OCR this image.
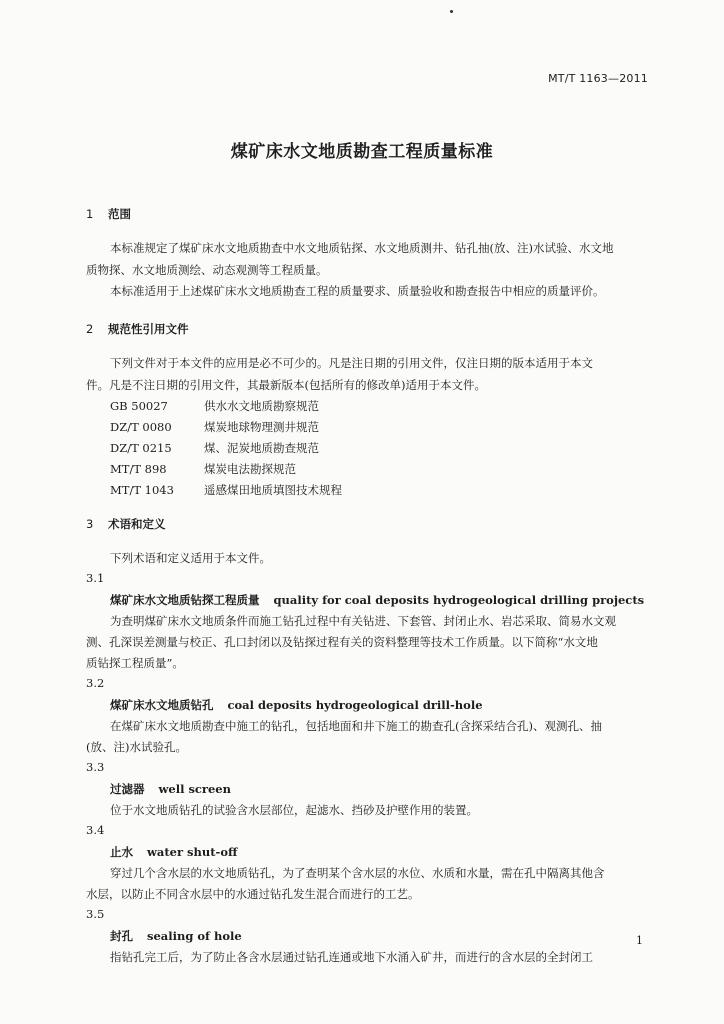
MT/T 1163—2011
煤矿床水文地质勘查工程质量标准
1 范围
本标准规定了煤矿床水文地质勘查中水文地质钻探、水文地质测井、钻孔抽(放、注)水试验、水文地
质物探、水文地质测绘、动态观测等工程质量。
本标准适用于上述煤矿床水文地质勘查工程的质量要求、质量验收和勘查报告中相应的质量评价。
2 规范性引用文件
下列文件对于本文件的应用是必不可少的。凡是注日期的引用文件，仅注日期的版本适用于本文
件。凡是不注日期的引用文件，其最新版本(包括所有的修改单)适用于本文件。
GB 50027	供水水文地质勘察规范
DZ/T 0080	煤炭地球物理测井规范
DZ/T 0215	煤、泥炭地质勘查规范
MT/T 898	煤炭电法勘探规范
MT/T 1043	遥感煤田地质填图技术规程
3 术语和定义
下列术语和定义适用于本文件。
3.1
煤矿床水文地质钻探工程质量 quality for coal deposits hydrogeological drilling projects
为查明煤矿床水文地质条件而施工钻孔过程中有关钻进、下套管、封闭止水、岩芯采取、简易水文观
测、孔深误差测量与校正、孔口封闭以及钻探过程有关的资料整理等技术工作质量。以下简称“水文地
质钻探工程质量”。
3.2
煤矿床水文地质钻孔 coal deposits hydrogeological drill-hole
在煤矿床水文地质勘查中施工的钻孔，包括地面和井下施工的勘查孔(含探采结合孔)、观测孔、抽
(放、注)水试验孔。
3.3
过滤器 well screen
位于水文地质钻孔的试验含水层部位，起滤水、挡砂及护壁作用的装置。
3.4
止水 water shut-off
穿过几个含水层的水文地质钻孔，为了查明某个含水层的水位、水质和水量，需在孔中隔离其他含
水层，以防止不同含水层中的水通过钻孔发生混合而进行的工艺。
3.5
封孔 sealing of hole
指钻孔完工后，为了防止各含水层通过钻孔连通或地下水涌入矿井，而进行的含水层的全封闭工
1
